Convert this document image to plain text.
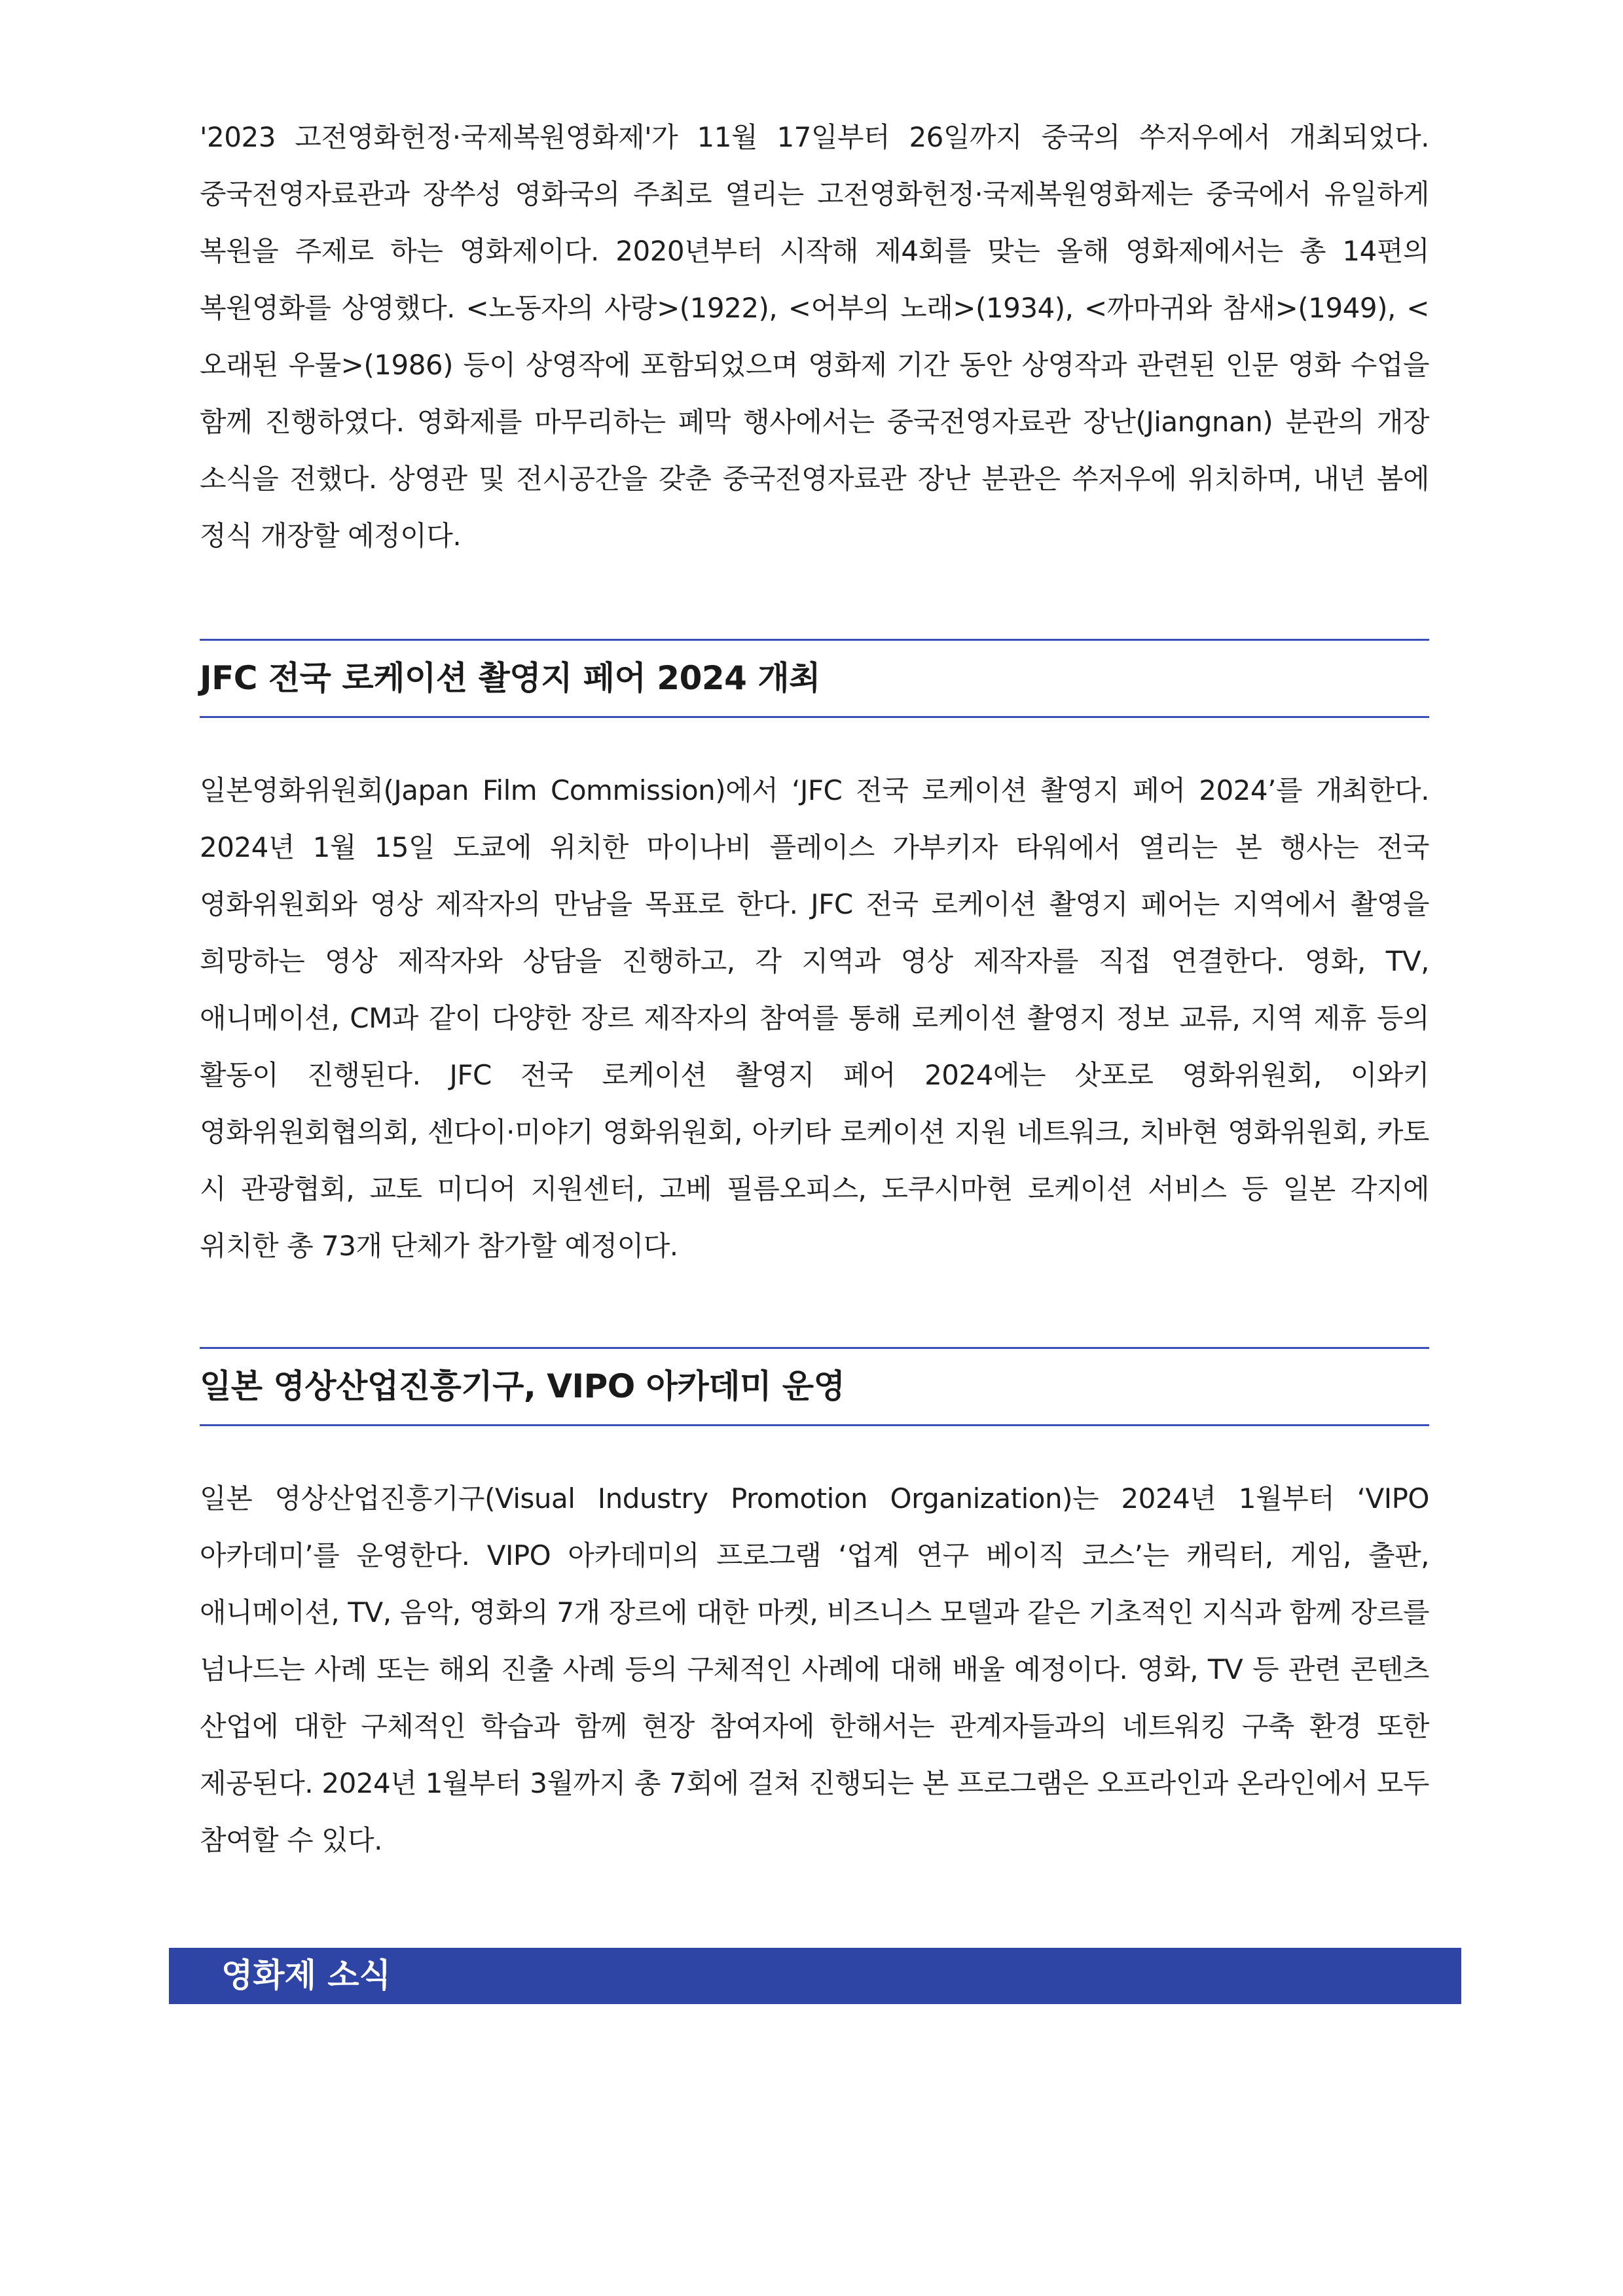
'2023 고전영화헌정·국제복원영화제'가 11월 17일부터 26일까지 중국의 쑤저우에서 개최되었다. 중국전영자료관과 장쑤성 영화국의 주최로 열리는 고전영화헌정·국제복원영화제는 중국에서 유일하게 복원을 주제로 하는 영화제이다. 2020년부터 시작해 제4회를 맞는 올해 영화제에서는 총 14편의 복원영화를 상영했다. <노동자의 사랑>(1922), <어부의 노래>(1934), <까마귀와 참새>(1949), <오래된 우물>(1986) 등이 상영작에 포함되었으며 영화제 기간 동안 상영작과 관련된 인문 영화 수업을 함께 진행하였다. 영화제를 마무리하는 폐막 행사에서는 중국전영자료관 장난(Jiangnan) 분관의 개장 소식을 전했다. 상영관 및 전시공간을 갖춘 중국전영자료관 장난 분관은 쑤저우에 위치하며, 내년 봄에 정식 개장할 예정이다.

JFC 전국 로케이션 촬영지 페어 2024 개최

일본영화위원회(Japan Film Commission)에서 ‘JFC 전국 로케이션 촬영지 페어 2024’를 개최한다. 2024년 1월 15일 도쿄에 위치한 마이나비 플레이스 가부키자 타워에서 열리는 본 행사는 전국 영화위원회와 영상 제작자의 만남을 목표로 한다. JFC 전국 로케이션 촬영지 페어는 지역에서 촬영을 희망하는 영상 제작자와 상담을 진행하고, 각 지역과 영상 제작자를 직접 연결한다. 영화, TV, 애니메이션, CM과 같이 다양한 장르 제작자의 참여를 통해 로케이션 촬영지 정보 교류, 지역 제휴 등의 활동이 진행된다. JFC 전국 로케이션 촬영지 페어 2024에는 삿포로 영화위원회, 이와키 영화위원회협의회, 센다이·미야기 영화위원회, 아키타 로케이션 지원 네트워크, 치바현 영화위원회, 카토 시 관광협회, 교토 미디어 지원센터, 고베 필름오피스, 도쿠시마현 로케이션 서비스 등 일본 각지에 위치한 총 73개 단체가 참가할 예정이다.

일본 영상산업진흥기구, VIPO 아카데미 운영

일본 영상산업진흥기구(Visual Industry Promotion Organization)는 2024년 1월부터 ‘VIPO 아카데미’를 운영한다. VIPO 아카데미의 프로그램 ‘업계 연구 베이직 코스’는 캐릭터, 게임, 출판, 애니메이션, TV, 음악, 영화의 7개 장르에 대한 마켓, 비즈니스 모델과 같은 기초적인 지식과 함께 장르를 넘나드는 사례 또는 해외 진출 사례 등의 구체적인 사례에 대해 배울 예정이다. 영화, TV 등 관련 콘텐츠 산업에 대한 구체적인 학습과 함께 현장 참여자에 한해서는 관계자들과의 네트워킹 구축 환경 또한 제공된다. 2024년 1월부터 3월까지 총 7회에 걸쳐 진행되는 본 프로그램은 오프라인과 온라인에서 모두 참여할 수 있다.

영화제 소식
